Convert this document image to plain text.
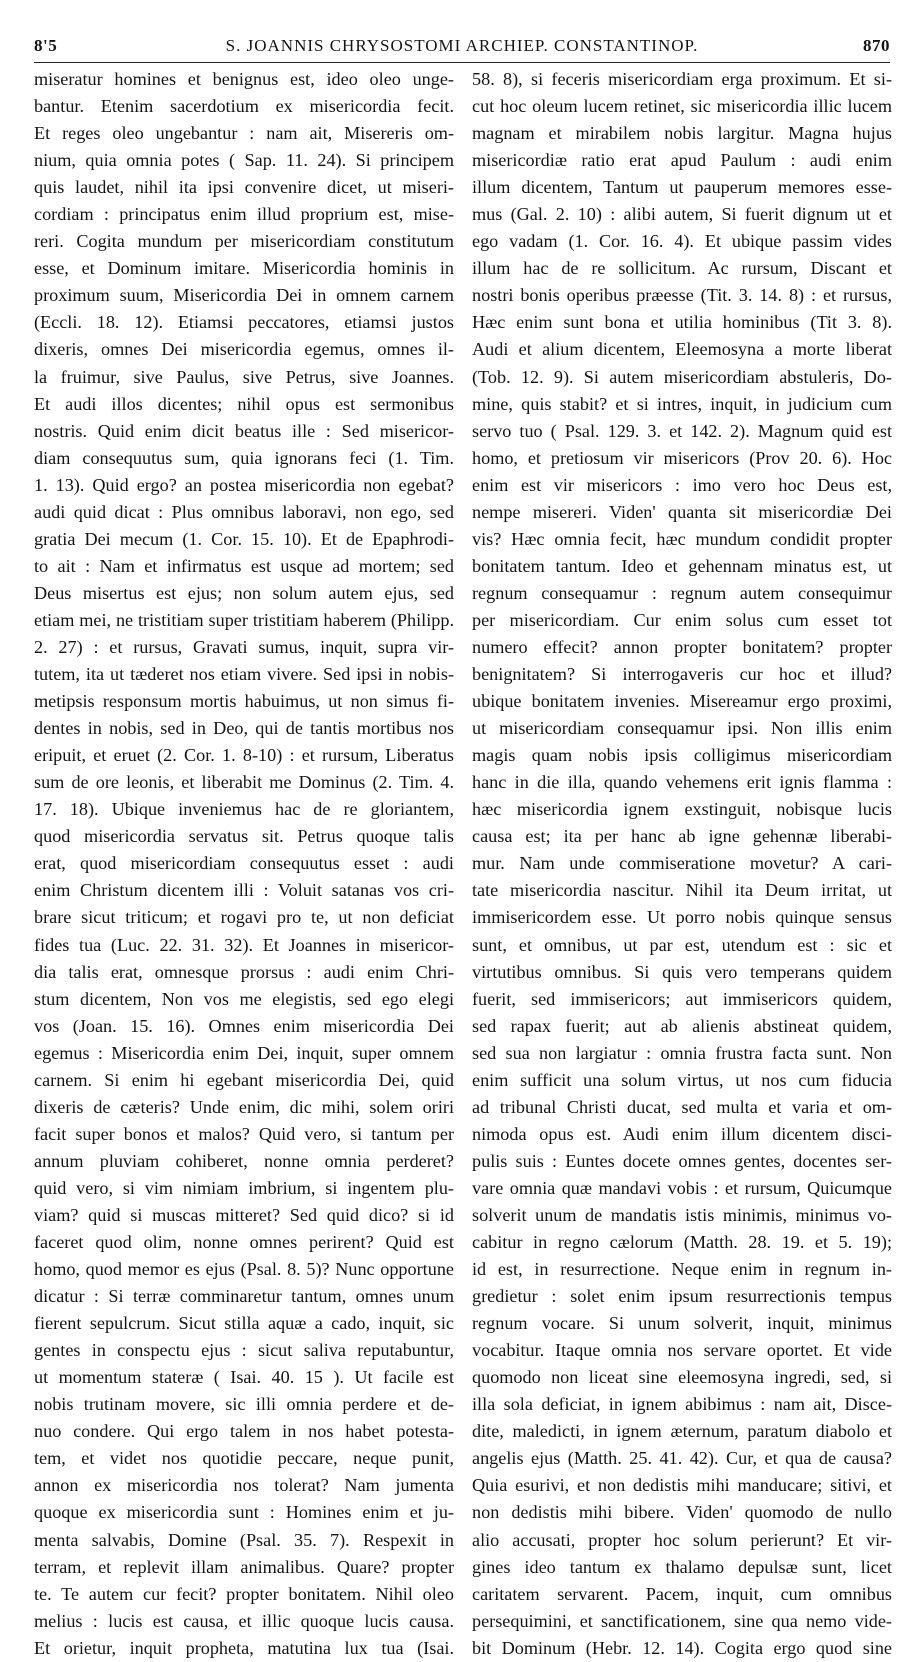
8'5	S. JOANNIS CHRYSOSTOMI ARCHIEP. CONSTANTINOP.	870
miseratur homines et benignus est, ideo oleo unge-
bantur. Etenim sacerdotium ex misericordia fecit.
Et reges oleo ungebantur : nam ait, Misereris om-
nium, quia omnia potes ( Sap. 11. 24). Si principem
quis laudet, nihil ita ipsi convenire dicet, ut miseri-
cordiam : principatus enim illud proprium est, mise-
reri. Cogita mundum per misericordiam constitutum
esse, et Dominum imitare. Misericordia hominis in
proximum suum, Misericordia Dei in omnem carnem
(Eccli. 18. 12). Etiamsi peccatores, etiamsi justos
dixeris, omnes Dei misericordia egemus, omnes il-
la fruimur, sive Paulus, sive Petrus, sive Joannes.
Et audi illos dicentes; nihil opus est sermonibus
nostris. Quid enim dicit beatus ille : Sed misericor-
diam consequutus sum, quia ignorans feci (1. Tim.
1. 13). Quid ergo? an postea misericordia non egebat?
audi quid dicat : Plus omnibus laboravi, non ego, sed
gratia Dei mecum (1. Cor. 15. 10). Et de Epaphrodi-
to ait : Nam et infirmatus est usque ad mortem; sed
Deus misertus est ejus; non solum autem ejus, sed
etiam mei, ne tristitiam super tristitiam haberem (Philipp.
2. 27) : et rursus, Gravati sumus, inquit, supra vir-
tutem, ita ut tæderet nos etiam vivere. Sed ipsi in nobis-
metipsis responsum mortis habuimus, ut non simus fi-
dentes in nobis, sed in Deo, qui de tantis mortibus nos
eripuit, et eruet (2. Cor. 1. 8-10) : et rursum, Liberatus
sum de ore leonis, et liberabit me Dominus (2. Tim. 4.
17. 18). Ubique inveniemus hac de re gloriantem,
quod misericordia servatus sit. Petrus quoque talis
erat, quod misericordiam consequutus esset : audi
enim Christum dicentem illi : Voluit satanas vos cri-
brare sicut triticum; et rogavi pro te, ut non deficiat
fides tua (Luc. 22. 31. 32). Et Joannes in misericor-
dia talis erat, omnesque prorsus : audi enim Chri-
stum dicentem, Non vos me elegistis, sed ego elegi
vos (Joan. 15. 16). Omnes enim misericordia Dei
egemus : Misericordia enim Dei, inquit, super omnem
carnem. Si enim hi egebant misericordia Dei, quid
dixeris de cæteris? Unde enim, dic mihi, solem oriri
facit super bonos et malos? Quid vero, si tantum per
annum pluviam cohiberet, nonne omnia perderet?
quid vero, si vim nimiam imbrium, si ingentem plu-
viam? quid si muscas mitteret? Sed quid dico? si id
faceret quod olim, nonne omnes perirent? Quid est
homo, quod memor es ejus (Psal. 8. 5)? Nunc opportune
dicatur : Si terræ comminaretur tantum, omnes unum
fierent sepulcrum. Sicut stilla aquæ a cado, inquit, sic
gentes in conspectu ejus : sicut saliva reputabuntur,
ut momentum stateræ ( Isai. 40. 15 ). Ut facile est
nobis trutinam movere, sic illi omnia perdere et de-
nuo condere. Qui ergo talem in nos habet potesta-
tem, et videt nos quotidie peccare, neque punit,
annon ex misericordia nos tolerat? Nam jumenta
quoque ex misericordia sunt : Homines enim et ju-
menta salvabis, Domine (Psal. 35. 7). Respexit in
terram, et replevit illam animalibus. Quare? propter
te. Te autem cur fecit? propter bonitatem. Nihil oleo
melius : lucis est causa, et illic quoque lucis causa.
Et orietur, inquit propheta, matutina lux tua (Isai.
58. 8), si feceris misericordiam erga proximum. Et si-
cut hoc oleum lucem retinet, sic misericordia illic lucem
magnam et mirabilem nobis largitur. Magna hujus
misericordiæ ratio erat apud Paulum : audi enim
illum dicentem, Tantum ut pauperum memores esse-
mus (Gal. 2. 10) : alibi autem, Si fuerit dignum ut et
ego vadam (1. Cor. 16. 4). Et ubique passim vides
illum hac de re sollicitum. Ac rursum, Discant et
nostri bonis operibus præesse (Tit. 3. 14. 8) : et rursus,
Hæc enim sunt bona et utilia hominibus (Tit 3. 8).
Audi et alium dicentem, Eleemosyna a morte liberat
(Tob. 12. 9). Si autem misericordiam abstuleris, Do-
mine, quis stabit? et si intres, inquit, in judicium cum
servo tuo ( Psal. 129. 3. et 142. 2). Magnum quid est
homo, et pretiosum vir misericors (Prov 20. 6). Hoc
enim est vir misericors : imo vero hoc Deus est,
nempe misereri. Viden' quanta sit misericordiæ Dei
vis? Hæc omnia fecit, hæc mundum condidit propter
bonitatem tantum. Ideo et gehennam minatus est, ut
regnum consequamur : regnum autem consequimur
per misericordiam. Cur enim solus cum esset tot
numero effecit? annon propter bonitatem? propter
benignitatem? Si interrogaveris cur hoc et illud?
ubique bonitatem invenies. Misereamur ergo proximi,
ut misericordiam consequamur ipsi. Non illis enim
magis quam nobis ipsis colligimus misericordiam
hanc in die illa, quando vehemens erit ignis flamma :
hæc misericordia ignem exstinguit, nobisque lucis
causa est; ita per hanc ab igne gehennæ liberabi-
mur. Nam unde commiseratione movetur? A cari-
tate misericordia nascitur. Nihil ita Deum irritat, ut
immisericordem esse. Ut porro nobis quinque sensus
sunt, et omnibus, ut par est, utendum est : sic et
virtutibus omnibus. Si quis vero temperans quidem
fuerit, sed immisericors; aut immisericors quidem,
sed rapax fuerit; aut ab alienis abstineat quidem,
sed sua non largiatur : omnia frustra facta sunt. Non
enim sufficit una solum virtus, ut nos cum fiducia
ad tribunal Christi ducat, sed multa et varia et om-
nimoda opus est. Audi enim illum dicentem disci-
pulis suis : Euntes docete omnes gentes, docentes ser-
vare omnia quæ mandavi vobis : et rursum, Quicumque
solverit unum de mandatis istis minimis, minimus vo-
cabitur in regno cælorum (Matth. 28. 19. et 5. 19);
id est, in resurrectione. Neque enim in regnum in-
gredietur : solet enim ipsum resurrectionis tempus
regnum vocare. Si unum solverit, inquit, minimus
vocabitur. Itaque omnia nos servare oportet. Et vide
quomodo non liceat sine eleemosyna ingredi, sed, si
illa sola deficiat, in ignem abibimus : nam ait, Disce-
dite, maledicti, in ignem æternum, paratum diabolo et
angelis ejus (Matth. 25. 41. 42). Cur, et qua de causa?
Quia esurivi, et non dedistis mihi manducare; sitivi, et
non dedistis mihi bibere. Viden' quomodo de nullo
alio accusati, propter hoc solum perierunt? Et vir-
gines ideo tantum ex thalamo depulsæ sunt, licet
caritatem servarent. Pacem, inquit, cum omnibus
persequimini, et sanctificationem, sine qua nemo vide-
bit Dominum (Hebr. 12. 14). Cogita ergo quod sine
